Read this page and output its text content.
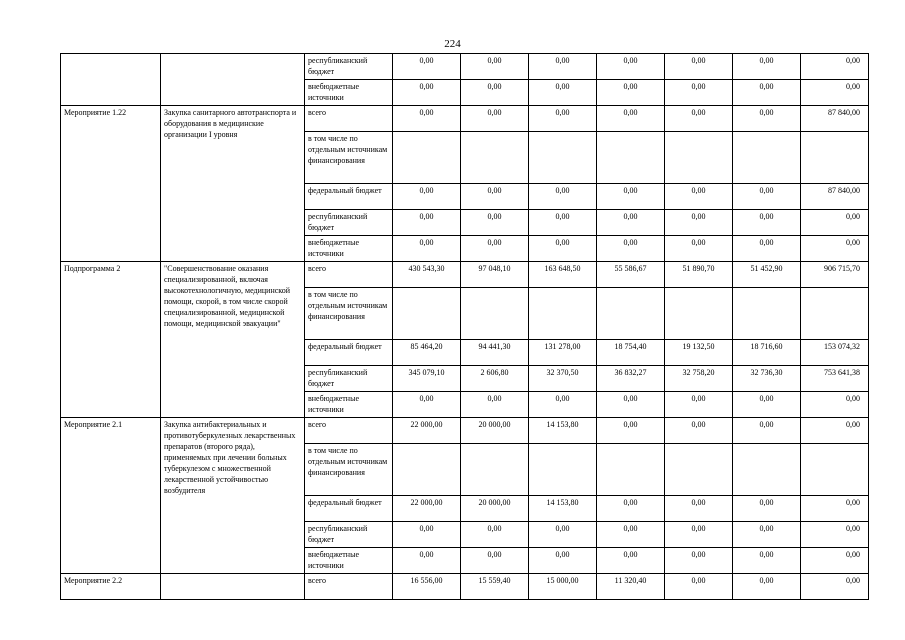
224
		республиканский бюджет	0,00	0,00	0,00	0,00	0,00	0,00	0,00
		внебюджетные источники	0,00	0,00	0,00	0,00	0,00	0,00	0,00
Мероприятие 1.22	Закупка санитарного автотранспорта и оборудования в медицинские организации I уровня	всего	0,00	0,00	0,00	0,00	0,00	0,00	87 840,00
		в том числе по отдельным источникам финансирования							
		федеральный бюджет	0,00	0,00	0,00	0,00	0,00	0,00	87 840,00
		республиканский бюджет	0,00	0,00	0,00	0,00	0,00	0,00	0,00
		внебюджетные источники	0,00	0,00	0,00	0,00	0,00	0,00	0,00
Подпрограмма 2	"Совершенствование оказания специализированной, включая высокотехнологичную, медицинской помощи, скорой, в том числе скорой специализированной, медицинской помощи, медицинской эвакуации"	всего	430 543,30	97 048,10	163 648,50	55 586,67	51 890,70	51 452,90	906 715,70
		в том числе по отдельным источникам финансирования							
		федеральный бюджет	85 464,20	94 441,30	131 278,00	18 754,40	19 132,50	18 716,60	153 074,32
		республиканский бюджет	345 079,10	2 606,80	32 370,50	36 832,27	32 758,20	32 736,30	753 641,38
		внебюджетные источники	0,00	0,00	0,00	0,00	0,00	0,00	0,00
Мероприятие 2.1	Закупка антибактериальных и противотуберкулезных лекарственных препаратов (второго ряда), применяемых при лечении больных туберкулезом с множественной лекарственной устойчивостью возбудителя	всего	22 000,00	20 000,00	14 153,80	0,00	0,00	0,00	0,00
		в том числе по отдельным источникам финансирования							
		федеральный бюджет	22 000,00	20 000,00	14 153,80	0,00	0,00	0,00	0,00
		республиканский бюджет	0,00	0,00	0,00	0,00	0,00	0,00	0,00
		внебюджетные источники	0,00	0,00	0,00	0,00	0,00	0,00	0,00
Мероприятие 2.2		всего	16 556,00	15 559,40	15 000,00	11 320,40	0,00	0,00	0,00
